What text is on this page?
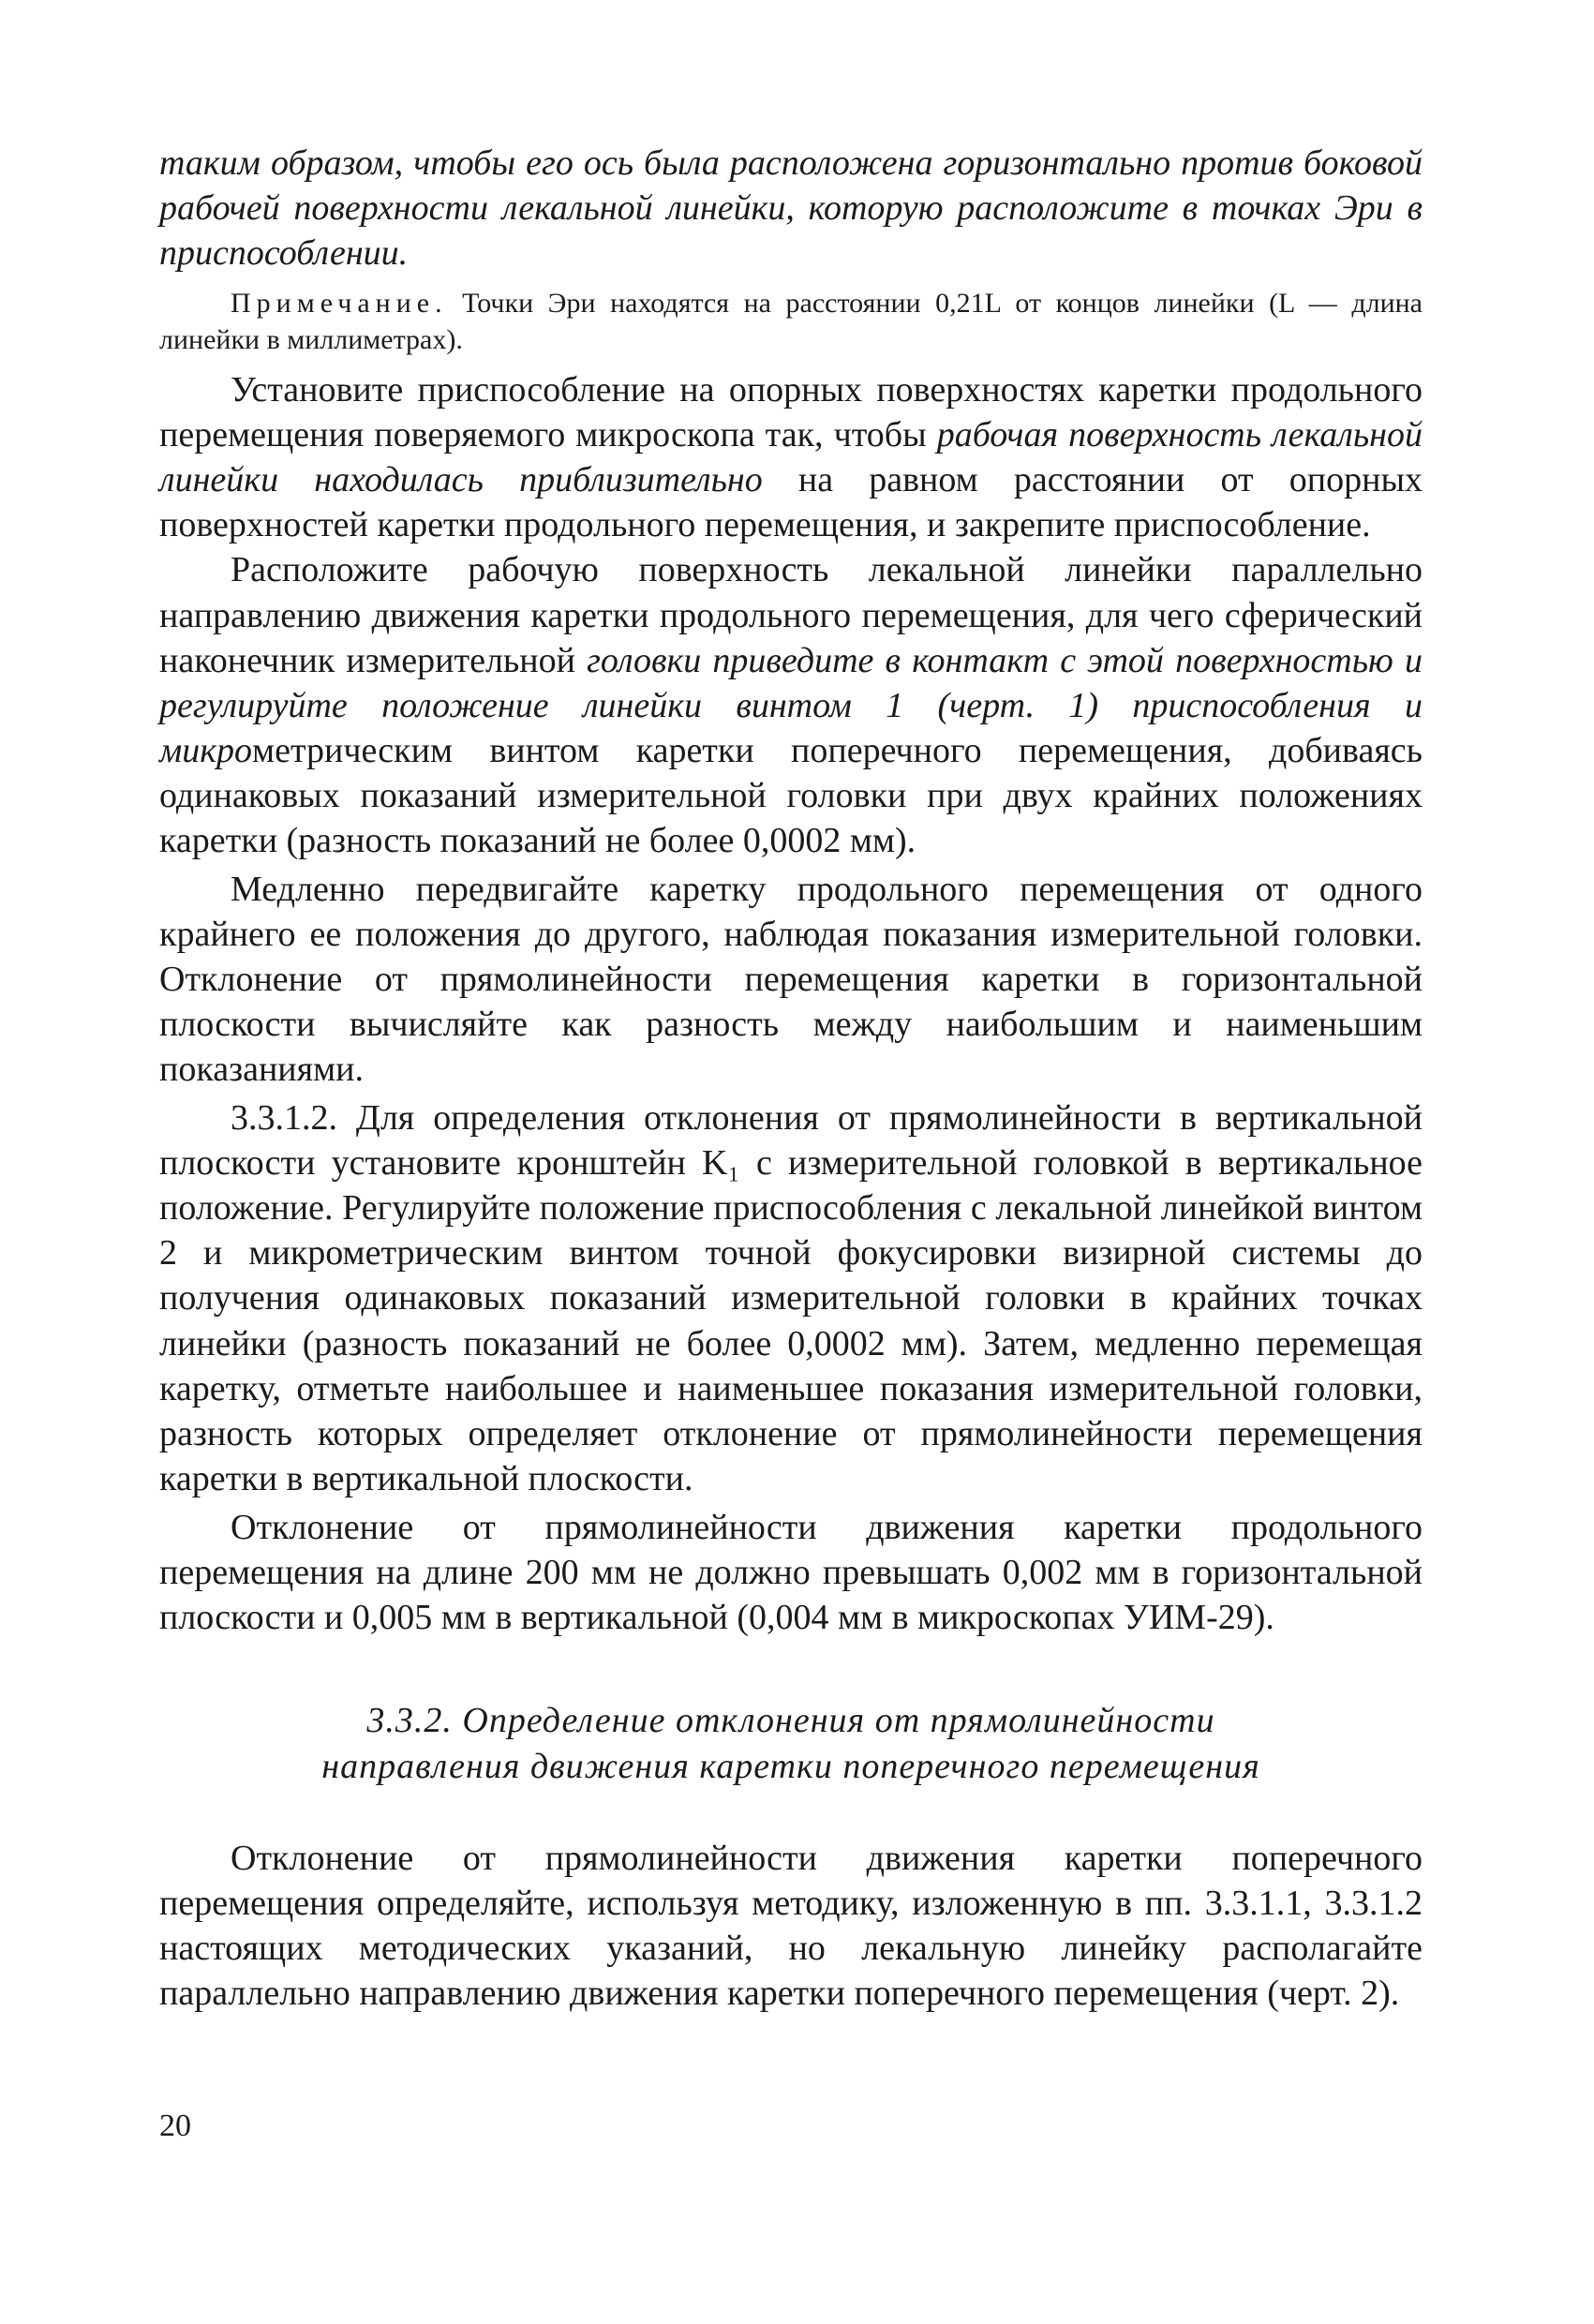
таким образом, чтобы его ось была расположена горизонтально против боковой рабочей поверхности лекальной линейки, которую расположите в точках Эри в приспособлении.

Примечание. Точки Эри находятся на расстоянии 0,21L от концов линейки (L — длина линейки в миллиметрах).

Установите приспособление на опорных поверхностях каретки продольного перемещения поверяемого микроскопа так, чтобы рабочая поверхность лекальной линейки находилась приблизительно на равном расстоянии от опорных поверхностей каретки продольного перемещения, и закрепите приспособление.

Расположите рабочую поверхность лекальной линейки параллельно направлению движения каретки продольного перемещения, для чего сферический наконечник измерительной головки приведите в контакт с этой поверхностью и регулируйте положение линейки винтом 1 (черт. 1) приспособления и микрометрическим винтом каретки поперечного перемещения, добиваясь одинаковых показаний измерительной головки при двух крайних положениях каретки (разность показаний не более 0,0002 мм).

Медленно передвигайте каретку продольного перемещения от одного крайнего ее положения до другого, наблюдая показания измерительной головки. Отклонение от прямолинейности перемещения каретки в горизонтальной плоскости вычисляйте как разность между наибольшим и наименьшим показаниями.

3.3.1.2. Для определения отклонения от прямолинейности в вертикальной плоскости установите кронштейн K₁ с измерительной головкой в вертикальное положение. Регулируйте положение приспособления с лекальной линейкой винтом 2 и микрометрическим винтом точной фокусировки визирной системы до получения одинаковых показаний измерительной головки в крайних точках линейки (разность показаний не более 0,0002 мм). Затем, медленно перемещая каретку, отметьте наибольшее и наименьшее показания измерительной головки, разность которых определяет отклонение от прямолинейности перемещения каретки в вертикальной плоскости.

Отклонение от прямолинейности движения каретки продольного перемещения на длине 200 мм не должно превышать 0,002 мм в горизонтальной плоскости и 0,005 мм в вертикальной (0,004 мм в микроскопах УИМ-29).

3.3.2. Определение отклонения от прямолинейности
направления движения каретки поперечного перемещения

Отклонение от прямолинейности движения каретки поперечного перемещения определяйте, используя методику, изложенную в пп. 3.3.1.1, 3.3.1.2 настоящих методических указаний, но лекальную линейку располагайте параллельно направлению движения каретки поперечного перемещения (черт. 2).

20
